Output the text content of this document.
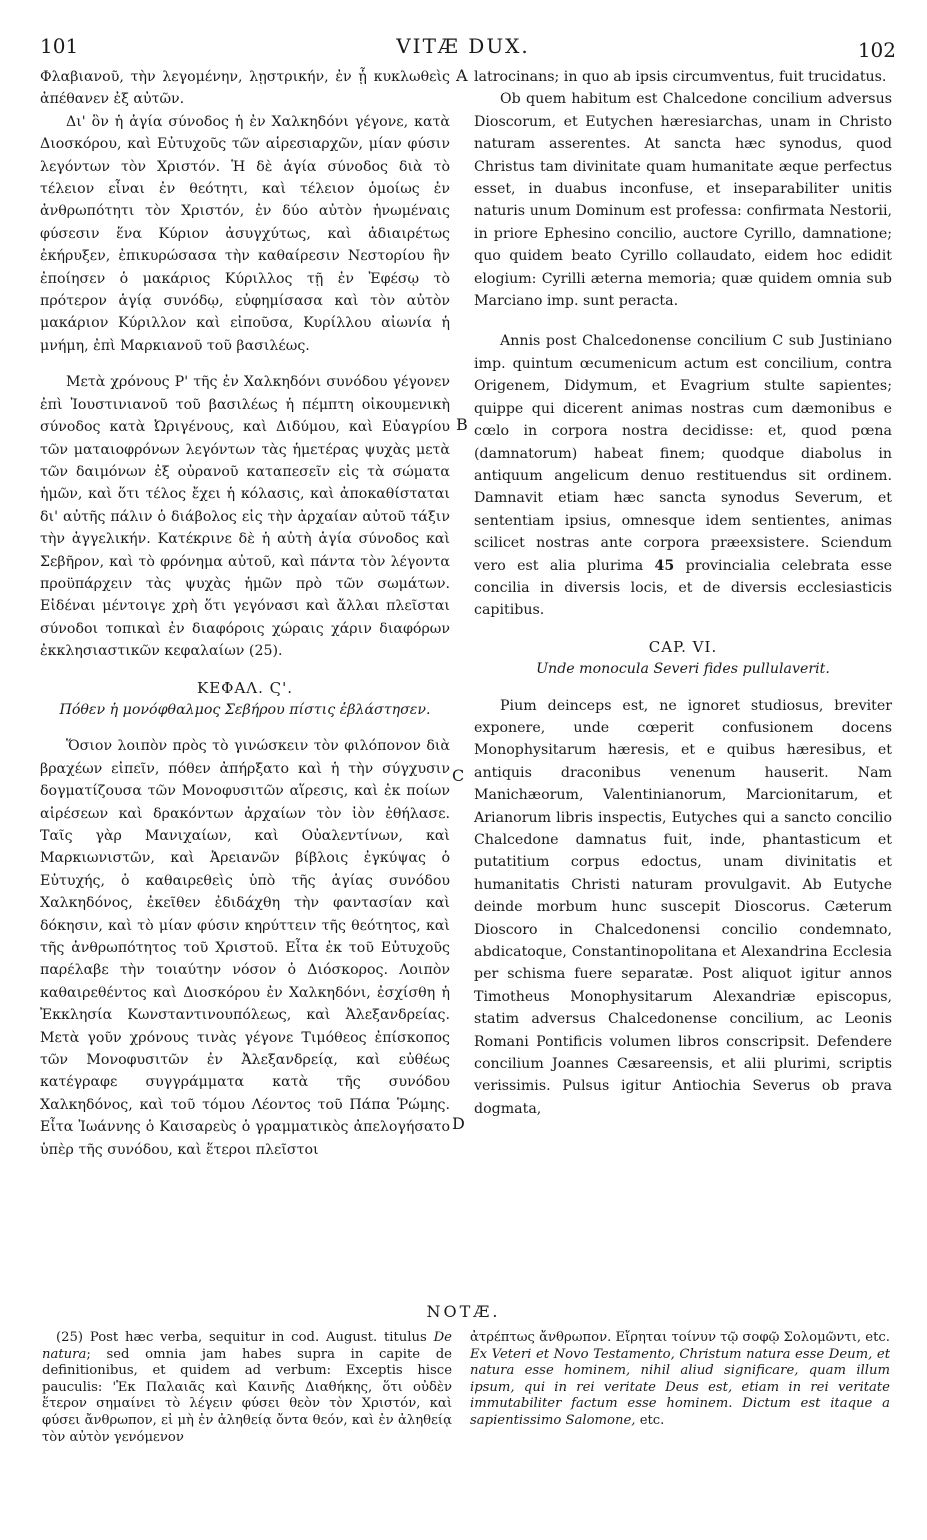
101	VITÆ DUX.	102
A
B
C
D

Φλαβιανοῦ, τὴν λεγομένην, λῃστρικήν, ἐν ᾗ κυκλωθεὶς ἀπέθανεν ἐξ αὐτῶν.

Δι' ὃν ἡ ἁγία σύνοδος ἡ ἐν Χαλκηδόνι γέγονε, κατὰ Διοσκόρου, καὶ Εὐτυχοῦς τῶν αἱρεσιαρχῶν, μίαν φύσιν λεγόντων τὸν Χριστόν. Ἡ δὲ ἁγία σύνοδος διὰ τὸ τέλειον εἶναι ἐν θεότητι, καὶ τέλειον ὁμοίως ἐν ἀνθρωπότητι τὸν Χριστόν, ἐν δύο αὐτὸν ἡνωμέναις φύσεσιν ἕνα Κύριον ἀσυγχύτως, καὶ ἀδιαιρέτως ἐκήρυξεν, ἐπικυρώσασα τὴν καθαίρεσιν Νεστορίου ἣν ἐποίησεν ὁ μακάριος Κύριλλος τῇ ἐν Ἐφέσῳ τὸ πρότερον ἁγίᾳ συνόδῳ, εὐφημίσασα καὶ τὸν αὐτὸν μακάριον Κύριλλον καὶ εἰποῦσα, Κυρίλλου αἰωνία ἡ μνήμη, ἐπὶ Μαρκιανοῦ τοῦ βασιλέως.

Μετὰ χρόνους Ρ' τῆς ἐν Χαλκηδόνι συνόδου γέγονεν ἐπὶ Ἰουστινιανοῦ τοῦ βασιλέως ἡ πέμπτη οἰκουμενικὴ σύνοδος κατὰ Ὠριγένους, καὶ Διδύμου, καὶ Εὐαγρίου τῶν ματαιοφρόνων λεγόντων τὰς ἡμετέρας ψυχὰς μετὰ τῶν δαιμόνων ἐξ οὐρανοῦ καταπεσεῖν εἰς τὰ σώματα ἡμῶν, καὶ ὅτι τέλος ἔχει ἡ κόλασις, καὶ ἀποκαθίσταται δι' αὐτῆς πάλιν ὁ διάβολος εἰς τὴν ἀρχαίαν αὐτοῦ τάξιν τὴν ἀγγελικήν. Κατέκρινε δὲ ἡ αὐτὴ ἁγία σύνοδος καὶ Σεβῆρον, καὶ τὸ φρόνημα αὐτοῦ, καὶ πάντα τὸν λέγοντα προϋπάρχειν τὰς ψυχὰς ἡμῶν πρὸ τῶν σωμάτων. Εἰδέναι μέντοιγε χρὴ ὅτι γεγόνασι καὶ ἄλλαι πλεῖσται σύνοδοι τοπικαὶ ἐν διαφόροις χώραις χάριν διαφόρων ἐκκλησιαστικῶν κεφαλαίων (25).

ΚΕΦΑΛ. Ϛ'.

Πόθεν ἡ μονόφθαλμος Σεβήρου πίστις ἐβλάστησεν.

Ὅσιον λοιπὸν πρὸς τὸ γινώσκειν τὸν φιλόπονον διὰ βραχέων εἰπεῖν, πόθεν ἀπήρξατο καὶ ἡ τὴν σύγχυσιν δογματίζουσα τῶν Μονοφυσιτῶν αἵρεσις, καὶ ἐκ ποίων αἱρέσεων καὶ δρακόντων ἀρχαίων τὸν ἰὸν ἐθήλασε. Ταῖς γὰρ Μανιχαίων, καὶ Οὐαλεντίνων, καὶ Μαρκιωνιστῶν, καὶ Ἀρειανῶν βίβλοις ἐγκύψας ὁ Εὐτυχής, ὁ καθαιρεθεὶς ὑπὸ τῆς ἁγίας συνόδου Χαλκηδόνος, ἐκεῖθεν ἐδιδάχθη τὴν φαντασίαν καὶ δόκησιν, καὶ τὸ μίαν φύσιν κηρύττειν τῆς θεότητος, καὶ τῆς ἀνθρωπότητος τοῦ Χριστοῦ. Εἶτα ἐκ τοῦ Εὐτυχοῦς παρέλαβε τὴν τοιαύτην νόσον ὁ Διόσκορος. Λοιπὸν καθαιρεθέντος καὶ Διοσκόρου ἐν Χαλκηδόνι, ἐσχίσθη ἡ Ἐκκλησία Κωνσταντινουπόλεως, καὶ Ἀλεξανδρείας. Μετὰ γοῦν χρόνους τινὰς γέγονε Τιμόθεος ἐπίσκοπος τῶν Μονοφυσιτῶν ἐν Ἀλεξανδρείᾳ, καὶ εὐθέως κατέγραφε συγγράμματα κατὰ τῆς συνόδου Χαλκηδόνος, καὶ τοῦ τόμου Λέοντος τοῦ Πάπα Ῥώμης. Εἶτα Ἰωάννης ὁ Καισαρεὺς ὁ γραμματικὸς ἀπελογήσατο ὑπὲρ τῆς συνόδου, καὶ ἕτεροι πλεῖστοι

latrocinans; in quo ab ipsis circumventus, fuit trucidatus.

Ob quem habitum est Chalcedone concilium adversus Dioscorum, et Eutychen hæresiarchas, unam in Christo naturam asserentes. At sancta hæc synodus, quod Christus tam divinitate quam humanitate æque perfectus esset, in duabus inconfuse, et inseparabiliter unitis naturis unum Dominum est professa: confirmata Nestorii, in priore Ephesino concilio, auctore Cyrillo, damnatione; quo quidem beato Cyrillo collaudato, eidem hoc edidit elogium: Cyrilli æterna memoria; quæ quidem omnia sub Marciano imp. sunt peracta.

Annis post Chalcedonense concilium C sub Justiniano imp. quintum œcumenicum actum est concilium, contra Origenem, Didymum, et Evagrium stulte sapientes; quippe qui dicerent animas nostras cum dæmonibus e cœlo in corpora nostra decidisse: et, quod pœna (damnatorum) habeat finem; quodque diabolus in antiquum angelicum denuo restituendus sit ordinem. Damnavit etiam hæc sancta synodus Severum, et sententiam ipsius, omnesque idem sentientes, animas scilicet nostras ante corpora præexsistere. Sciendum vero est alia plurima 45 provincialia celebrata esse concilia in diversis locis, et de diversis ecclesiasticis capitibus.

CAP. VI.

Unde monocula Severi fides pullulaverit.

Pium deinceps est, ne ignoret studiosus, breviter exponere, unde cœperit confusionem docens Monophysitarum hæresis, et e quibus hæresibus, et antiquis draconibus venenum hauserit. Nam Manichæorum, Valentinianorum, Marcionitarum, et Arianorum libris inspectis, Eutyches qui a sancto concilio Chalcedone damnatus fuit, inde, phantasticum et putatitium corpus edoctus, unam divinitatis et humanitatis Christi naturam provulgavit. Ab Eutyche deinde morbum hunc suscepit Dioscorus. Cæterum Dioscoro in Chalcedonensi concilio condemnato, abdicatoque, Constantinopolitana et Alexandrina Ecclesia per schisma fuere separatæ. Post aliquot igitur annos Timotheus Monophysitarum Alexandriæ episcopus, statim adversus Chalcedonense concilium, ac Leonis Romani Pontificis volumen libros conscripsit. Defendere concilium Joannes Cæsareensis, et alii plurimi, scriptis verissimis. Pulsus igitur Antiochia Severus ob prava dogmata,

NOTÆ.

(25) Post hæc verba, sequitur in cod. August. titulus De natura; sed omnia jam habes supra in capite de definitionibus, et quidem ad verbum: Exceptis hisce pauculis: 'Ἐκ Παλαιᾶς καὶ Καινῆς Διαθήκης, ὅτι οὐδὲν ἕτερον σημαίνει τὸ λέγειν φύσει θεὸν τὸν Χριστόν, καὶ φύσει ἄνθρωπον, εἰ μὴ ἐν ἀληθείᾳ ὄντα θεόν, καὶ ἐν ἀληθείᾳ τὸν αὐτὸν γενόμενον

ἀτρέπτως ἄνθρωπον. Εἴρηται τοίνυν τῷ σοφῷ Σολομῶντι, etc. Ex Veteri et Novo Testamento, Christum natura esse Deum, et natura esse hominem, nihil aliud significare, quam illum ipsum, qui in rei veritate Deus est, etiam in rei veritate immutabiliter factum esse hominem. Dictum est itaque a sapientissimo Salomone, etc.
